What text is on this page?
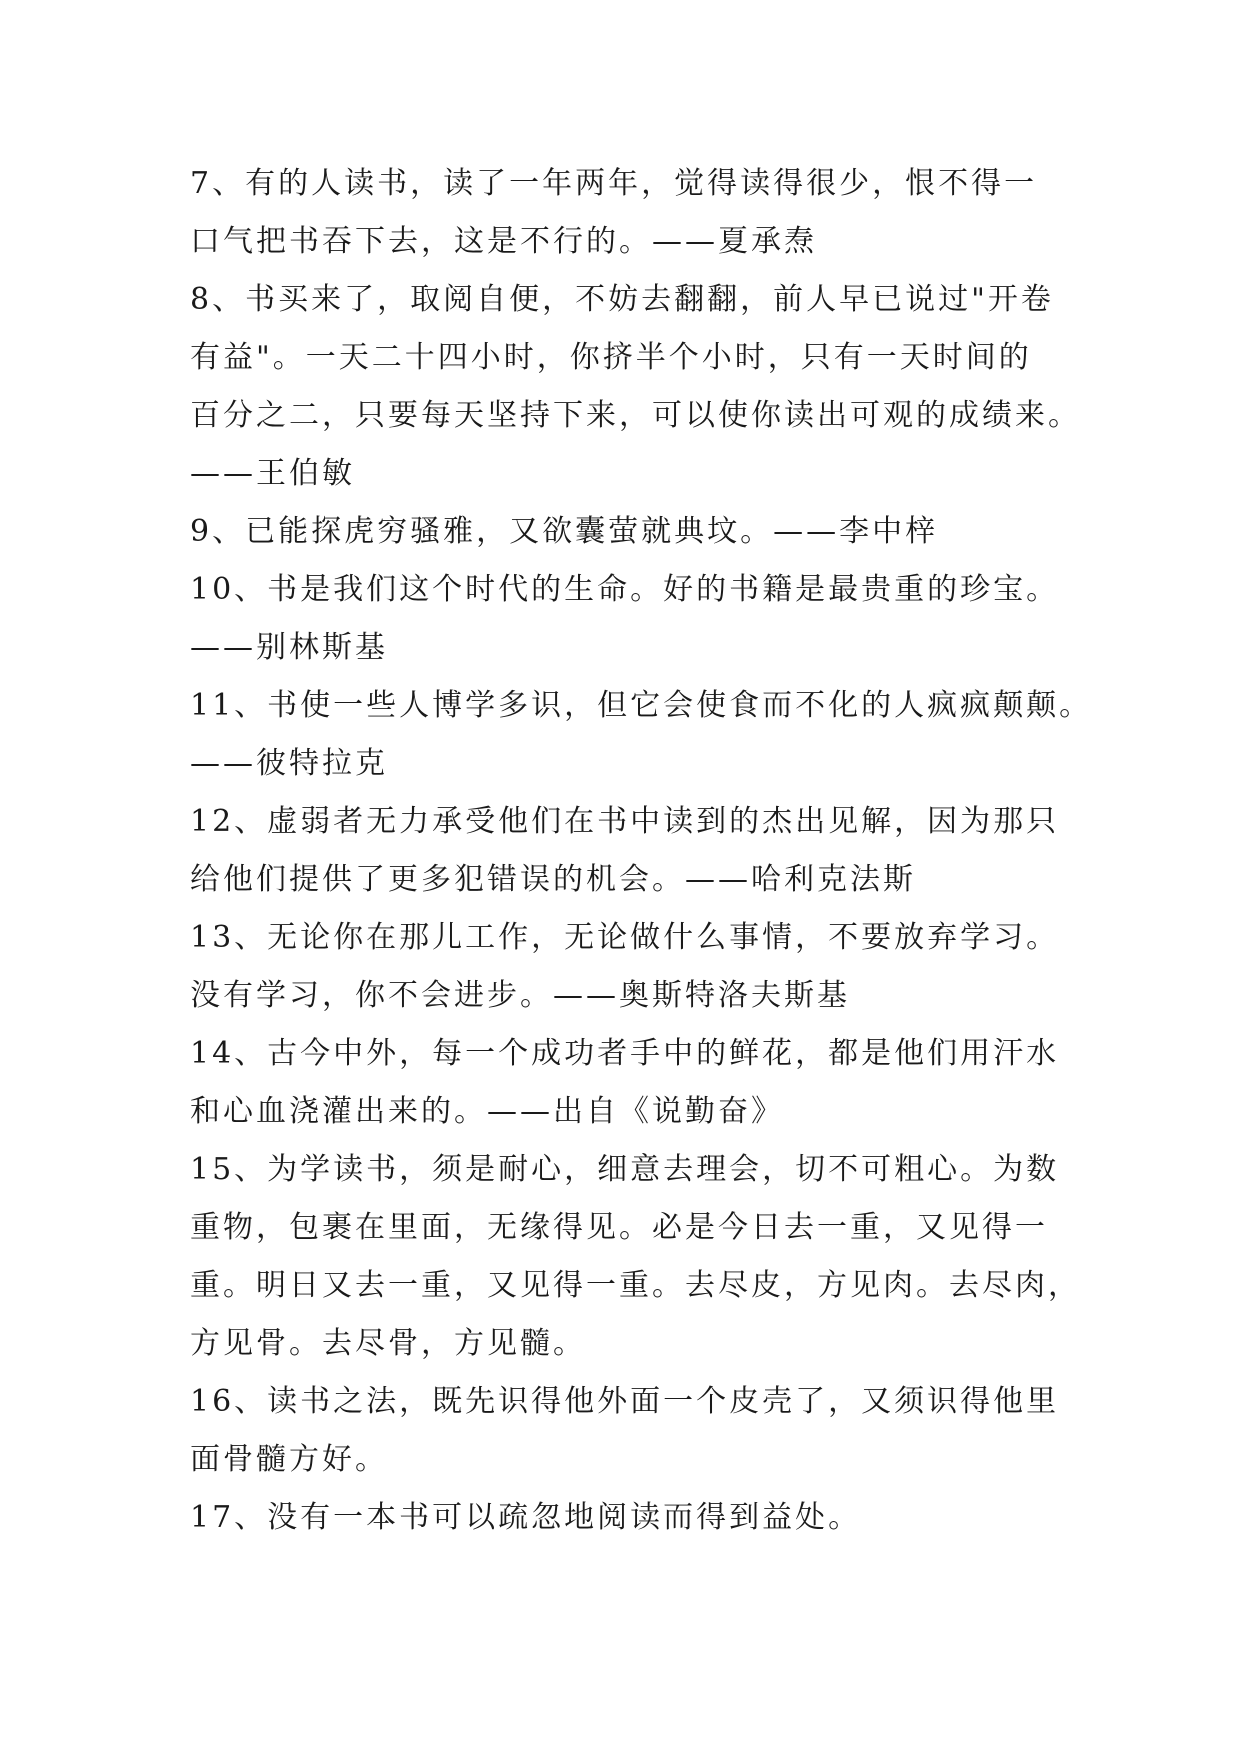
7、有的人读书，读了一年两年，觉得读得很少，恨不得一
口气把书吞下去，这是不行的。——夏承焘
8、书买来了，取阅自便，不妨去翻翻，前人早已说过"开卷
有益"。一天二十四小时，你挤半个小时，只有一天时间的
百分之二，只要每天坚持下来，可以使你读出可观的成绩来。
——王伯敏
9、已能探虎穷骚雅，又欲囊萤就典坟。——李中梓
10、书是我们这个时代的生命。好的书籍是最贵重的珍宝。
——别林斯基
11、书使一些人博学多识，但它会使食而不化的人疯疯颠颠。
——彼特拉克
12、虚弱者无力承受他们在书中读到的杰出见解，因为那只
给他们提供了更多犯错误的机会。——哈利克法斯
13、无论你在那儿工作，无论做什么事情，不要放弃学习。
没有学习，你不会进步。——奥斯特洛夫斯基
14、古今中外，每一个成功者手中的鲜花，都是他们用汗水
和心血浇灌出来的。——出自《说勤奋》
15、为学读书，须是耐心，细意去理会，切不可粗心。为数
重物，包裹在里面，无缘得见。必是今日去一重，又见得一
重。明日又去一重，又见得一重。去尽皮，方见肉。去尽肉，
方见骨。去尽骨，方见髓。
16、读书之法，既先识得他外面一个皮壳了，又须识得他里
面骨髓方好。
17、没有一本书可以疏忽地阅读而得到益处。
